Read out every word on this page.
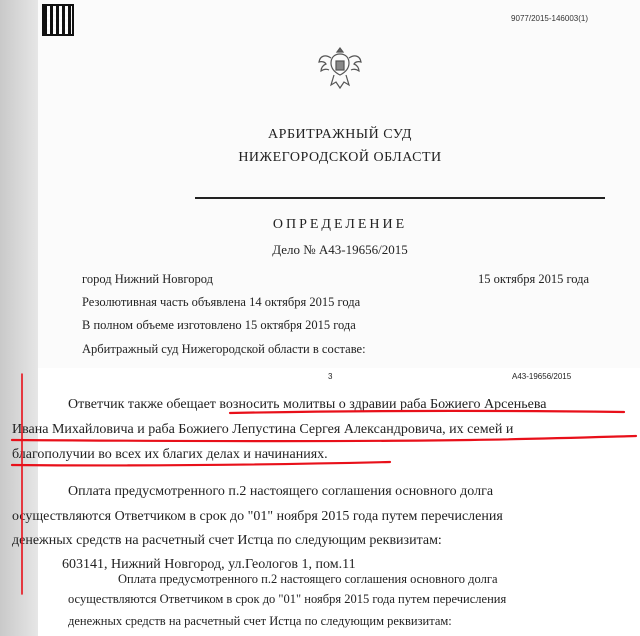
9077/2015-146003(1)
АРБИТРАЖНЫЙ СУД
НИЖЕГОРОДСКОЙ ОБЛАСТИ
ОПРЕДЕЛЕНИЕ
Дело № А43-19656/2015
город Нижний Новгород	15 октября 2015 года
Резолютивная часть объявлена 14 октября 2015 года
В полном объеме изготовлено 15 октября 2015 года
Арбитражный суд Нижегородской области в составе:
3	А43-19656/2015
Ответчик также обещает возносить молитвы о здравии раба Божиего Арсеньева
Ивана Михайловича и раба Божиего Лепустина Сергея Александровича, их семей и
благополучии во всех их благих делах и начинаниях.
Оплата предусмотренного п.2 настоящего соглашения основного долга
осуществляются Ответчиком в срок до "01" ноября 2015 года путем перечисления
денежных средств на расчетный счет Истца по следующим реквизитам:
603141, Нижний Новгород, ул.Геологов 1, пом.11
Оплата предусмотренного п.2 настоящего соглашения основного долга
осуществляются Ответчиком в срок до "01" ноября 2015 года путем перечисления
денежных средств на расчетный счет Истца по следующим реквизитам:
